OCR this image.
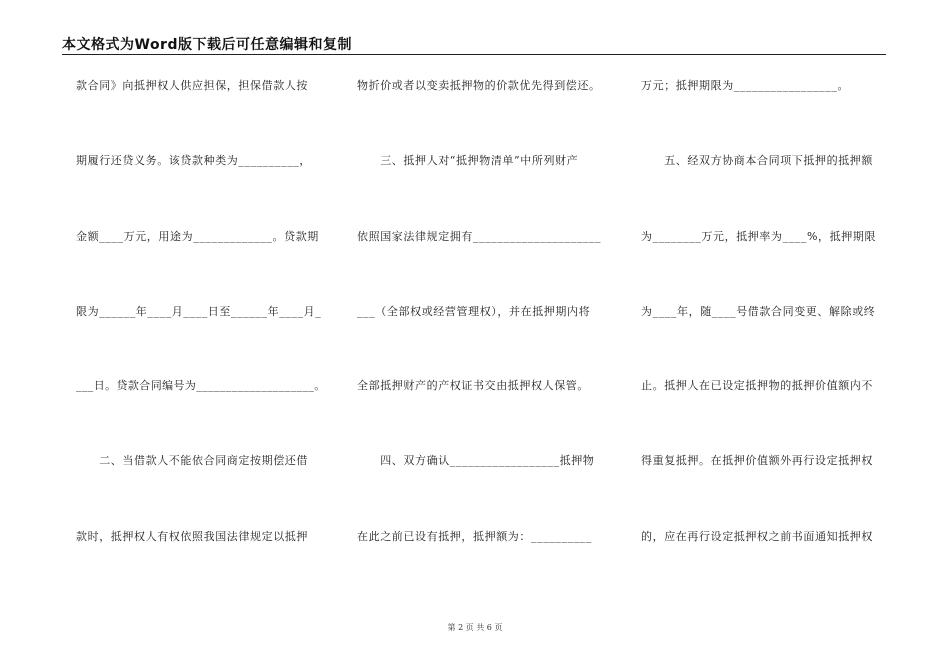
本文格式为Word版下载后可任意编辑和复制
款合同》向抵押权人供应担保，担保借款人按
期履行还贷义务。该贷款种类为__________，
金额____万元，用途为_____________。贷款期
限为______年____月____日至______年____月_
___日。贷款合同编号为____________________。
　　二、当借款人不能依合同商定按期偿还借
款时，抵押权人有权依照我国法律规定以抵押
物折价或者以变卖抵押物的价款优先得到偿还。
　　三、抵押人对“抵押物清单”中所列财产
依照国家法律规定拥有_____________________
___（全部权或经营管理权），并在抵押期内将
全部抵押财产的产权证书交由抵押权人保管。
　　四、双方确认__________________抵押物
在此之前已设有抵押，抵押额为：__________
万元；抵押期限为_________________。
　　五、经双方协商本合同项下抵押的抵押额
为________万元，抵押率为____%，抵押期限
为____年，随____号借款合同变更、解除或终
止。抵押人在已设定抵押物的抵押价值额内不
得重复抵押。在抵押价值额外再行设定抵押权
的，应在再行设定抵押权之前书面通知抵押权
第 2 页 共 6 页
